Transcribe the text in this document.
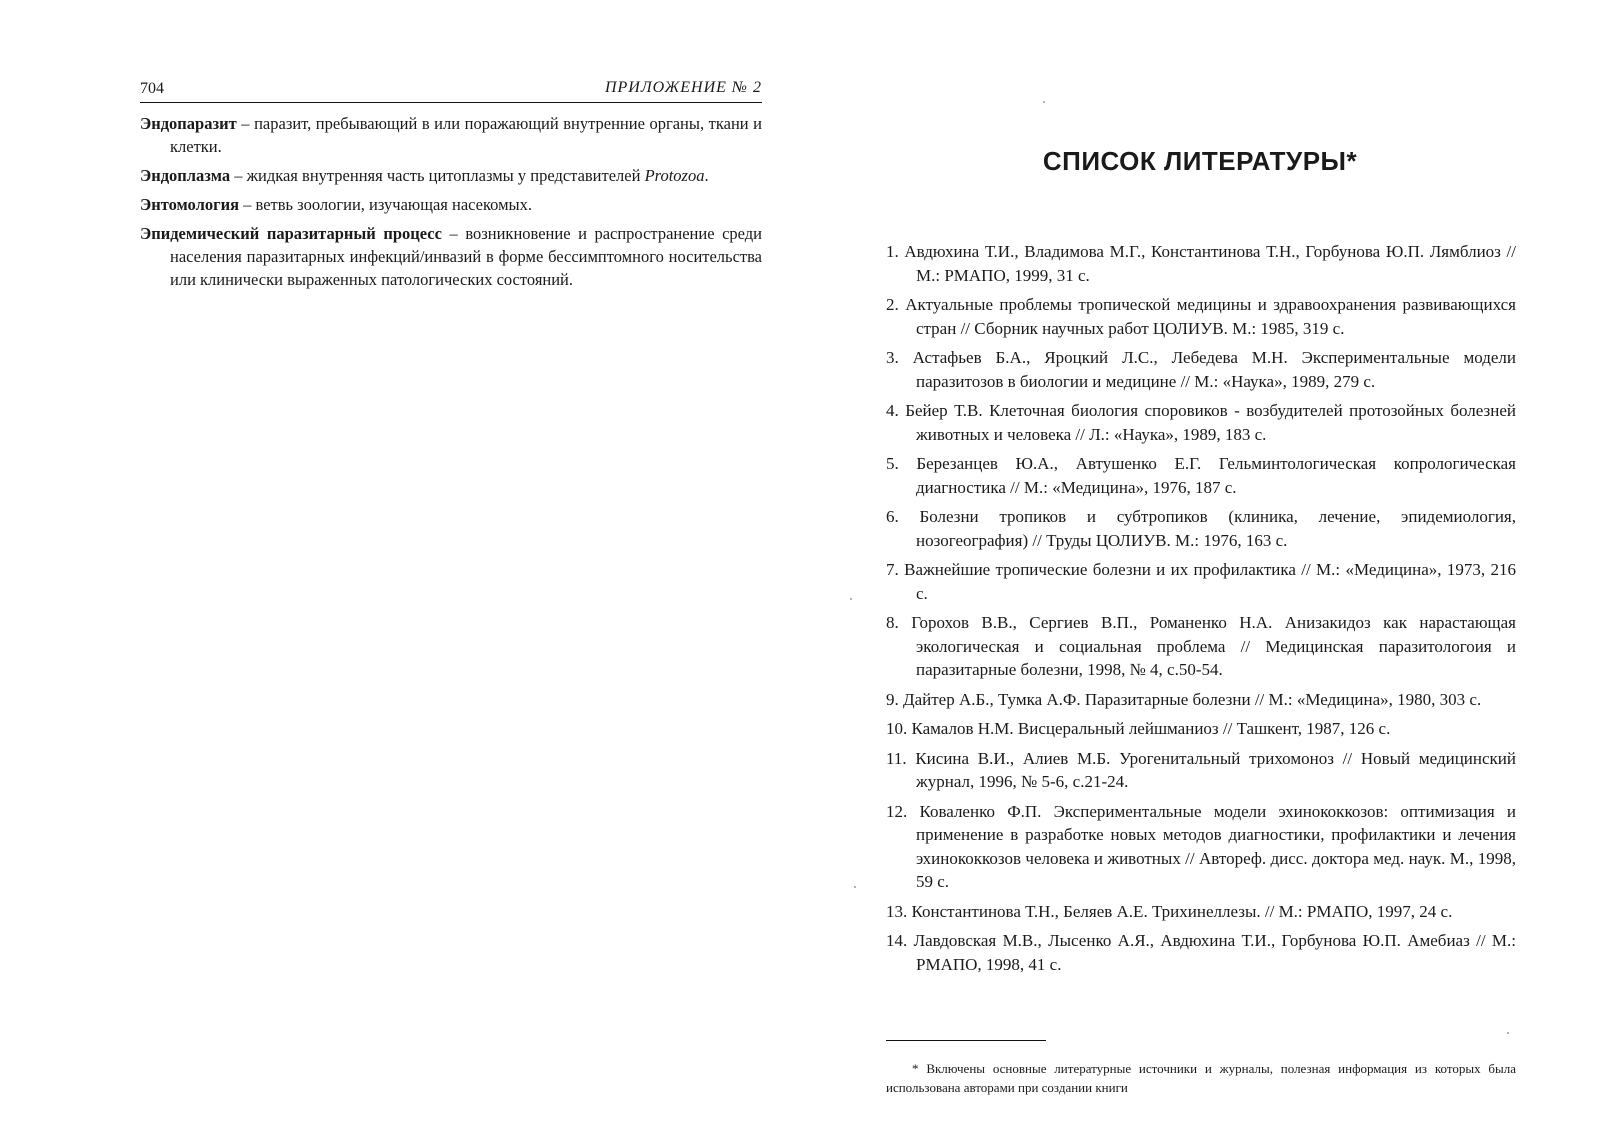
704	ПРИЛОЖЕНИЕ № 2

Эндопаразит – паразит, пребывающий в или поражающий внутренние органы, ткани и клетки.

Эндоплазма – жидкая внутренняя часть цитоплазмы у представителей Protozoa.

Энтомология – ветвь зоологии, изучающая насекомых.

Эпидемический паразитарный процесс – возникновение и распространение среди населения паразитарных инфекций/инвазий в форме бессимптомного носительства или клинически выраженных патологических состояний.

СПИСОК ЛИТЕРАТУРЫ*
1. Авдюхина Т.И., Владимова М.Г., Константинова Т.Н., Горбунова Ю.П. Лямблиоз // М.: РМАПО, 1999, 31 с.
2. Актуальные проблемы тропической медицины и здравоохранения развивающихся стран // Сборник научных работ ЦОЛИУВ. М.: 1985, 319 с.
3. Астафьев Б.А., Яроцкий Л.С., Лебедева М.Н. Экспериментальные модели паразитозов в биологии и медицине // М.: «Наука», 1989, 279 с.
4. Бейер Т.В. Клеточная биология споровиков - возбудителей протозойных болезней животных и человека // Л.: «Наука», 1989, 183 с.
5. Березанцев Ю.А., Автушенко Е.Г. Гельминтологическая копрологическая диагностика // М.: «Медицина», 1976, 187 с.
6. Болезни тропиков и субтропиков (клиника, лечение, эпидемиология, нозогеография) // Труды ЦОЛИУВ. М.: 1976, 163 с.
7. Важнейшие тропические болезни и их профилактика // М.: «Медицина», 1973, 216 с.
8. Горохов В.В., Сергиев В.П., Романенко Н.А. Анизакидоз как нарастающая экологическая и социальная проблема // Медицинская паразитологоия и паразитарные болезни, 1998, № 4, с.50-54.
9. Дайтер А.Б., Тумка А.Ф. Паразитарные болезни // М.: «Медицина», 1980, 303 с.
10. Камалов Н.М. Висцеральный лейшманиоз // Ташкент, 1987, 126 с.
11. Кисина В.И., Алиев М.Б. Урогенитальный трихомоноз // Новый медицинский журнал, 1996, № 5-6, с.21-24.
12. Коваленко Ф.П. Экспериментальные модели эхинококкозов: оптимизация и применение в разработке новых методов диагностики, профилактики и лечения эхинококкозов человека и животных // Автореф. дисс. доктора мед. наук. М., 1998, 59 с.
13. Константинова Т.Н., Беляев А.Е. Трихинеллезы. // М.: РМАПО, 1997, 24 с.
14. Лавдовская М.В., Лысенко А.Я., Авдюхина Т.И., Горбунова Ю.П. Амебиаз // М.: РМАПО, 1998, 41 с.

* Включены основные литературные источники и журналы, полезная информация из которых была использована авторами при создании книги
